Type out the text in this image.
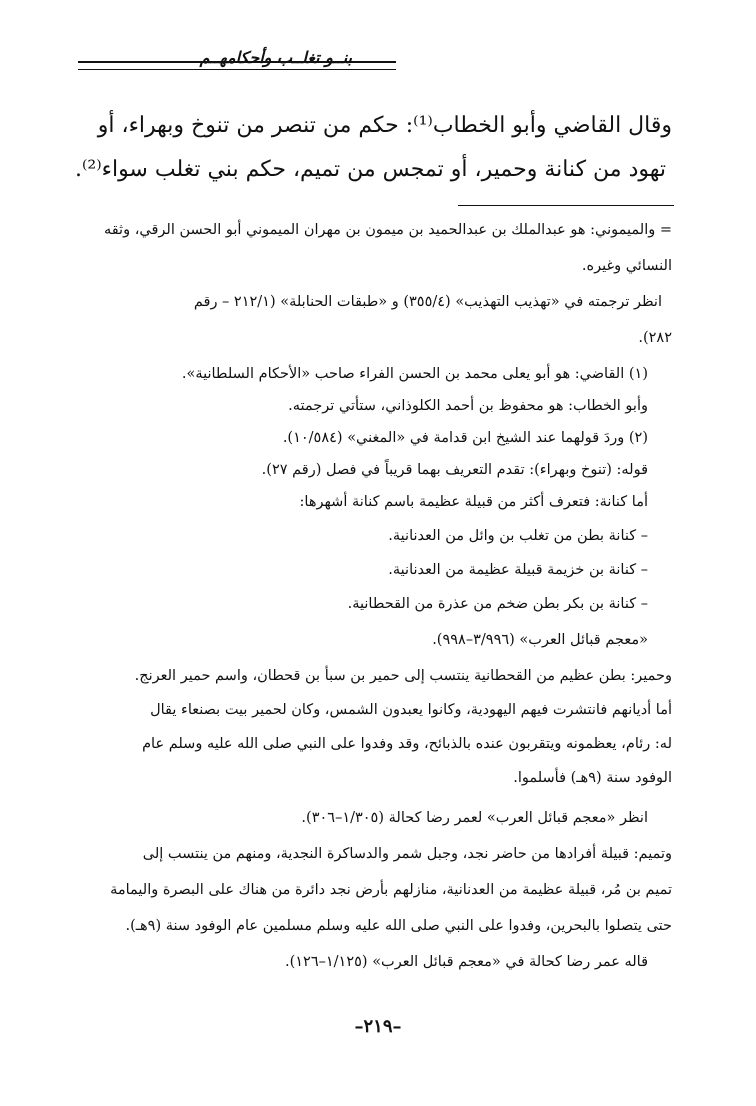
بنــو تغلــب وأحكامهــم
وقال القاضي وأبو الخطاب⁽¹⁾: حكم من تنصر من تنوخ وبهراء، أو
تهود من كنانة وحمير، أو تمجس من تميم، حكم بني تغلب سواء⁽²⁾.
= والميموني: هو عبدالملك بن عبدالحميد بن ميمون بن مهران الميموني أبو الحسن الرقي، وثقه
النسائي وغيره.
انظر ترجمته في «تهذيب التهذيب» (٣٥٥/٤) و «طبقات الحنابلة» (٢١٢/١ – رقم
٢٨٢).
(١) القاضي: هو أبو يعلى محمد بن الحسن الفراء صاحب «الأحكام السلطانية».
وأبو الخطاب: هو محفوظ بن أحمد الكلوذاني، ستأتي ترجمته.
(٢) وردَ قولهما عند الشيخ ابن قدامة في «المغني» (١٠/٥٨٤).
قوله: (تنوخ وبهراء): تقدم التعريف بهما قريباً في فصل (رقم ٢٧).
أما كنانة: فتعرف أكثر من قبيلة عظيمة باسم كنانة أشهرها:
– كنانة بطن من تغلب بن وائل من العدنانية.
– كنانة بن خزيمة قبيلة عظيمة من العدنانية.
– كنانة بن بكر بطن ضخم من عذرة من القحطانية.
«معجم قبائل العرب» (٣/٩٩٦–٩٩٨).
وحمير: بطن عظيم من القحطانية ينتسب إلى حمير بن سبأ بن قحطان، واسم حمير العرنج.
أما أديانهم فانتشرت فيهم اليهودية، وكانوا يعبدون الشمس، وكان لحمير بيت بصنعاء يقال
له: رئام، يعظمونه ويتقربون عنده بالذبائح، وقد وفدوا على النبي صلى الله عليه وسلم عام
الوفود سنة (٩هـ) فأسلموا.
انظر «معجم قبائل العرب» لعمر رضا كحالة (١/٣٠٥–٣٠٦).
وتميم: قبيلة أفرادها من حاضر نجد، وجبل شمر والدساكرة النجدية، ومنهم من ينتسب إلى
تميم بن مُر، قبيلة عظيمة من العدنانية، منازلهم بأرض نجد دائرة من هناك على البصرة واليمامة
حتى يتصلوا بالبحرين، وفدوا على النبي صلى الله عليه وسلم مسلمين عام الوفود سنة (٩هـ).
قاله عمر رضا كحالة في «معجم قبائل العرب» (١/١٢٥–١٢٦).
–٢١٩–
